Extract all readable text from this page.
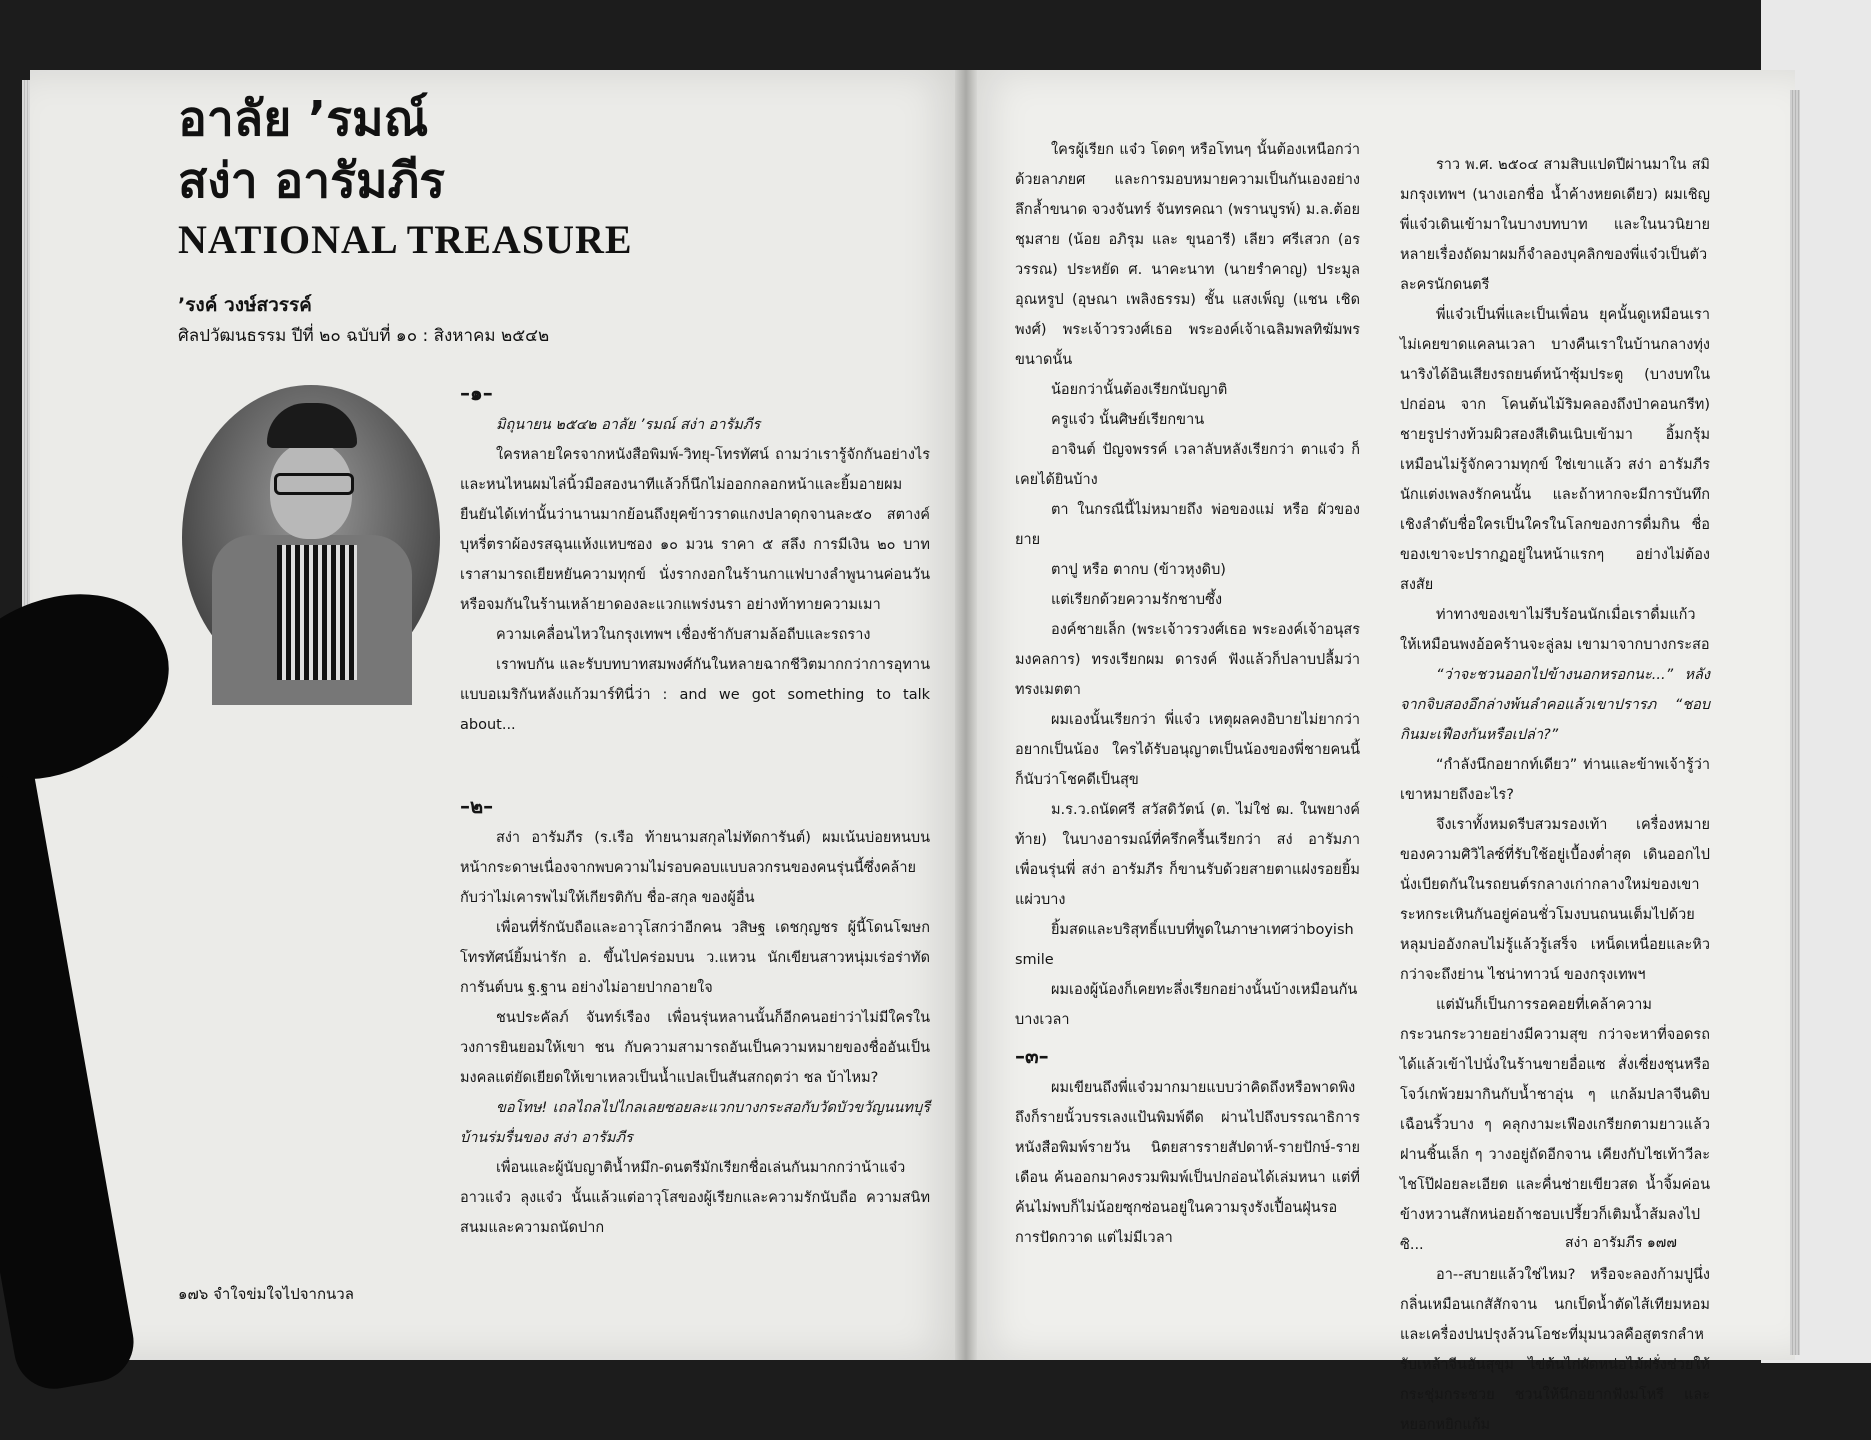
อาลัย ’รมณ์
สง่า อารัมภีร
NATIONAL TREASURE
’รงค์ วงษ์สวรรค์
ศิลปวัฒนธรรม ปีที่ ๒๐ ฉบับที่ ๑๐ : สิงหาคม ๒๕๔๒

–๑–

มิถุนายน ๒๕๔๒ อาลัย ’รมณ์ สง่า อารัมภีร

ใครหลายใครจากหนังสือพิมพ์-วิทยุ-โทรทัศน์ ถามว่าเรารู้จักกันอย่างไรและหนไหนผมไล่นิ้วมือสองนาทีแล้วก็นึกไม่ออกกลอกหน้าและยิ้มอายผมยืนยันได้เท่านั้นว่านานมากย้อนถึงยุคข้าวราดแกงปลาดุกจานละ๕๐ สตางค์ บุหรี่ตราผ้องรสฉุนแห้งแหบซอง ๑๐ มวน ราคา ๕ สลึง การมีเงิน ๒๐ บาท เราสามารถเยียหยันความทุกข์ นั่งรากงอกในร้านกาแฟบางลำพูนานค่อนวัน หรือจมกันในร้านเหล้ายาดองละแวกแพร่งนรา อย่างท้าทายความเมา

ความเคลื่อนไหวในกรุงเทพฯ เชื่องช้ากับสามล้อถีบและรถราง

เราพบกัน และรับบทบาทสมพงศ์กันในหลายฉากชีวิตมากกว่าการอุทานแบบอเมริกันหลังแก้วมาร์ทินี่ว่า : and we got something to talk about...

–๒–

สง่า อารัมภีร (ร.เรือ ท้ายนามสกุลไม่ทัดการันต์) ผมเน้นบ่อยหนบนหน้ากระดาษเนื่องจากพบความไม่รอบคอบแบบลวกรนของคนรุ่นนี้ซึ่งคล้ายกับว่าไม่เคารพไม่ให้เกียรติกับ ชื่อ-สกุล ของผู้อื่น

เพื่อนที่รักนับถือและอาวุโสกว่าอีกคน วสิษฐ เดชกุญชร ผู้นี้โดนโฆษกโทรทัศน์ยิ้มน่ารัก อ. ขึ้นไปคร่อมบน ว.แหวน นักเขียนสาวหนุ่มเร่อร่าทัดการันต์บน ฐ.ฐาน อย่างไม่อายปากอายใจ

ชนประคัลภ์ จันทร์เรือง เพื่อนรุ่นหลานนั้นก็อีกคนอย่าว่าไม่มีใครในวงการยินยอมให้เขา ชน กับความสามารถอันเป็นความหมายของชื่ออันเป็นมงคลแต่ยัดเยียดให้เขาเหลวเป็นน้ำแปลเป็นสันสกฤตว่า ชล บ้าไหม?

ขอโทษ! เถลไถลไปไกลเลยซอยละแวกบางกระสอกับวัดบัวขวัญนนทบุรี บ้านร่มรื่นของ สง่า อารัมภีร

เพื่อนและผู้นับญาติน้ำหมึก-ดนตรีมักเรียกชื่อเล่นกันมากกว่าน้าแจ๋วอาวแจ๋ว ลุงแจ๋ว นั้นแล้วแต่อาวุโสของผู้เรียกและความรักนับถือ ความสนิทสนมและความถนัดปาก

๑๗๖ จำใจข่มใจไปจากนวล

ใครผู้เรียก แจ๋ว โดดๆ หรือโทนๆ นั้นต้องเหนือกว่าด้วยลาภยศ และการมอบหมายความเป็นกันเองอย่างลึกล้ำขนาด จวงจันทร์ จันทรคณา (พรานบูรพ์) ม.ล.ต้อย ชุมสาย (น้อย อภิรุม และ ขุนอารี) เลียว ศรีเสวก (อรวรรณ) ประหยัด ศ. นาคะนาท (นายรำคาญ) ประมูล อุณหรูป (อุษณา เพลิงธรรม) ชั้น แสงเพ็ญ (แชน เชิดพงศ์) พระเจ้าวรวงศ์เธอ พระองค์เจ้าเฉลิมพลทิฆัมพร ขนาดนั้น

น้อยกว่านั้นต้องเรียกนับญาติ

ครูแจ๋ว นั้นศิษย์เรียกขาน

อาจินต์ ปัญจพรรค์ เวลาลับหลังเรียกว่า ตาแจ๋ว ก็เคยได้ยินบ้าง

ตา ในกรณีนี้ไม่หมายถึง พ่อของแม่ หรือ ผัวของยาย

ตาปู หรือ ตากบ (ข้าวหุงดิบ)

แต่เรียกด้วยความรักชาบซึ้ง

องค์ชายเล็ก (พระเจ้าวรวงศ์เธอ พระองค์เจ้าอนุสรมงคลการ) ทรงเรียกผม ดารงค์ ฟังแล้วก็ปลาบปลื้มว่าทรงเมตตา

ผมเองนั้นเรียกว่า พี่แจ๋ว เหตุผลคงอิบายไม่ยากว่าอยากเป็นน้อง ใครได้รับอนุญาตเป็นน้องของพี่ชายคนนี้ก็นับว่าโชคดีเป็นสุข

ม.ร.ว.ถนัดศรี สวัสดิวัตน์ (ต. ไม่ใช่ ฒ. ในพยางค์ท้าย) ในบางอารมณ์ที่ครึกครื้นเรียกว่า สง่ อารัมภา เพื่อนรุ่นพี่ สง่า อารัมภีร ก็ขานรับด้วยสายตาแฝงรอยยิ้มแผ่วบาง

ยิ้มสดและบริสุทธิ์แบบที่พูดในภาษาเทศว่าboyish smile

ผมเองผู้น้องก็เคยทะลึ่งเรียกอย่างนั้นบ้างเหมือนกันบางเวลา

–๓–

ผมเขียนถึงพี่แจ๋วมากมายแบบว่าคิดถึงหรือพาดพิงถึงก็รายนั้วบรรเลงแป้นพิมพ์ดีด ผ่านไปถึงบรรณาธิการหนังสือพิมพ์รายวัน นิตยสารรายสัปดาห์-รายปักษ์-รายเดือน ค้นออกมาคงรวมพิมพ์เป็นปกอ่อนได้เล่มหนา แต่ที่ค้นไม่พบก็ไม่น้อยซุกซ่อนอยู่ในความรุงรังเปื้อนฝุ่นรอการปัดกวาด แต่ไม่มีเวลา

ราว พ.ศ. ๒๕๐๔ สามสิบแปดปีผ่านมาใน สมิมกรุงเทพฯ (นางเอกชื่อ น้ำค้างหยดเดียว) ผมเชิญพี่แจ๋วเดินเข้ามาในบางบทบาท และในนวนิยายหลายเรื่องถัดมาผมก็จำลองบุคลิกของพี่แจ๋วเป็นตัวละครนักดนตรี

พี่แจ๋วเป็นพี่และเป็นเพื่อน ยุคนั้นดูเหมือนเราไม่เคยขาดแคลนเวลา บางคืนเราในบ้านกลางทุ่งนาริงได้อินเสียงรถยนต์หน้าซุ้มประตู (บางบทในปกอ่อน จาก โคนต้นไม้ริมคลองถึงป่าคอนกรีท) ชายรูปร่างท้วมผิวสองสีเดินเนิบเข้ามา อิ้มกรุ้มเหมือนไม่รู้จักความทุกข์ ใช่เขาแล้ว สง่า อารัมภีร นักแต่งเพลงรักคนนั้น และถ้าหากจะมีการบันทึกเชิงลำดับชื่อใครเป็นใครในโลกของการดื่มกิน ชื่อของเขาจะปรากฏอยู่ในหน้าแรกๆ อย่างไม่ต้องสงสัย

ท่าทางของเขาไม่รีบร้อนนักเมื่อเราดื่มแก้วให้เหมือนพงอ้อคร้านจะลู่ลม เขามาจากบางกระสอ

“ว่าจะชวนออกไปข้างนอกหรอกนะ...” หลังจากจิบสองอึกล่างพ้นลำคอแล้วเขาปรารภ “ชอบกินมะเฟืองกันหรือเปล่า?”

“กำลังนึกอยากท์เดียว” ท่านและข้าพเจ้ารู้ว่าเขาหมายถึงอะไร?

จึงเราทั้งหมดรีบสวมรองเท้า เครื่องหมายของความศิวิไลซ์ที่รับใช้อยู่เบื้องต่ำสุด เดินออกไปนั่งเบียดกันในรถยนต์รกลางเก่ากลางใหม่ของเขา ระหกระเหินกันอยู่ค่อนชั่วโมงบนถนนเต็มไปด้วยหลุมบ่ออังกลบไม่รู้แล้วรู้เสร็จ เหน็ดเหนื่อยและหิวกว่าจะถึงย่าน ไชน่าทาวน์ ของกรุงเทพฯ

แต่มันก็เป็นการรอคอยที่เคล้าความกระวนกระวายอย่างมีความสุข กว่าจะหาที่จอดรถได้แล้วเข้าไปนั่งในร้านขายอื่อแซ สั่งเซี่ยงชุนหรือโจว์เกพ้วยมากินกับน้ำชาอุ่น ๆ แกล้มปลาจีนดิบเฉือนริ้วบาง ๆ คลุกงามะเฟืองเกรียกตามยาวแล้วฝานชิ้นเล็ก ๆ วางอยู่ถัดอีกจาน เคียงกับไชเท้าวีละไชโป๊ฝอยละเอียด และคื่นช่ายเขียวสด น้ำจิ้มค่อนข้างหวานสักหน่อยถ้าชอบเปรี้ยวก็เติมน้ำส้มลงไปซิ...

อา--สบายแล้วใช่ไหม? หรือจะลองก้ามปูนึ่งกลิ่นเหมือนเกสัสักจาน นกเป็ดน้ำตัดไส้เทียมหอมและเครื่องปนปรุงล้วนโอชะที่มุมนวลคือสูตรกลำหรับเหล้าจีนอันสุขุม ไข่ต้นไก่ผัดหน่อไม้ฝรั่งช่วยให้กระชุ่มกระชวย ชวนให้นึกอยากฟังมโหรี และหยอกหยิกแก้ม

สง่า อารัมภีร ๑๗๗
